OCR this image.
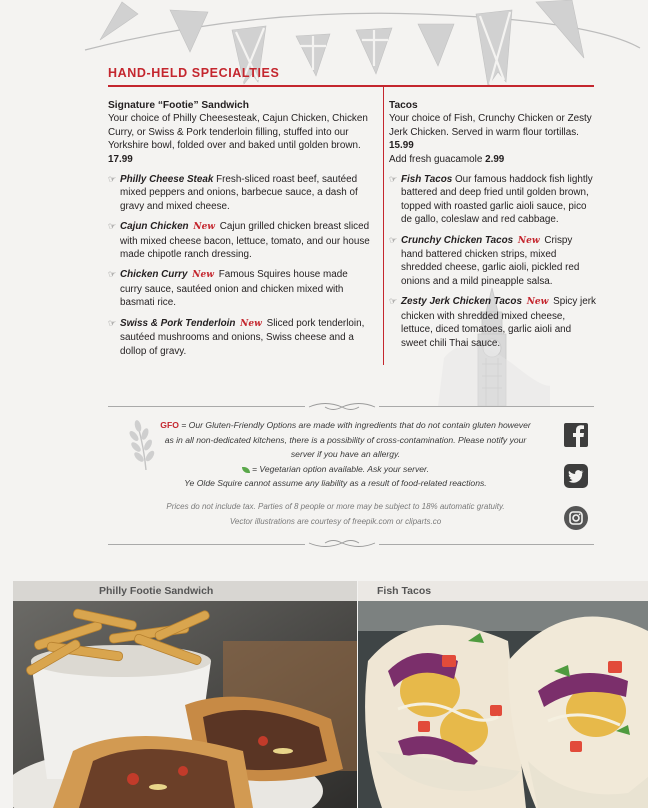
HAND-HELD SPECIALTIES
Signature “Footie” Sandwich

Your choice of Philly Cheesesteak, Cajun Chicken, Chicken Curry, or Swiss & Pork tenderloin filling, stuffed into our Yorkshire bowl, folded over and baked until golden brown. 17.99

☞ Philly Cheese Steak Fresh-sliced roast beef, sautéed mixed peppers and onions, barbecue sauce, a dash of gravy and mixed cheese.
☞ Cajun Chicken New Cajun grilled chicken breast sliced with mixed cheese bacon, lettuce, tomato, and our house made chipotle ranch dressing.
☞ Chicken Curry New Famous Squires house made curry sauce, sautéed onion and chicken mixed with basmati rice.
☞ Swiss & Pork Tenderloin New Sliced pork tenderloin, sautéed mushrooms and onions, Swiss cheese and a dollop of gravy.
Tacos

Your choice of Fish, Crunchy Chicken or Zesty Jerk Chicken. Served in warm flour tortillas. 15.99
Add fresh guacamole 2.99

☞ Fish Tacos Our famous haddock fish lightly battered and deep fried until golden brown, topped with roasted garlic aioli sauce, pico de gallo, coleslaw and red cabbage.
☞ Crunchy Chicken Tacos New Crispy hand battered chicken strips, mixed shredded cheese, garlic aioli, pickled red onions and a mild pineapple salsa.
☞ Zesty Jerk Chicken Tacos New Spicy jerk chicken with shredded mixed cheese, lettuce, diced tomatoes, garlic aioli and sweet chili Thai sauce.
GFO = Our Gluten-Friendly Options are made with ingredients that do not contain gluten however as in all non-dedicated kitchens, there is a possibility of cross-contamination. Please notify your server if you have an allergy.
= Vegetarian option available. Ask your server.
Ye Olde Squire cannot assume any liability as a result of food-related reactions.
Prices do not include tax. Parties of 8 people or more may be subject to 18% automatic gratuity.
Vector illustrations are courtesy of freepik.com or cliparts.co
Philly Footie Sandwich	Fish Tacos
